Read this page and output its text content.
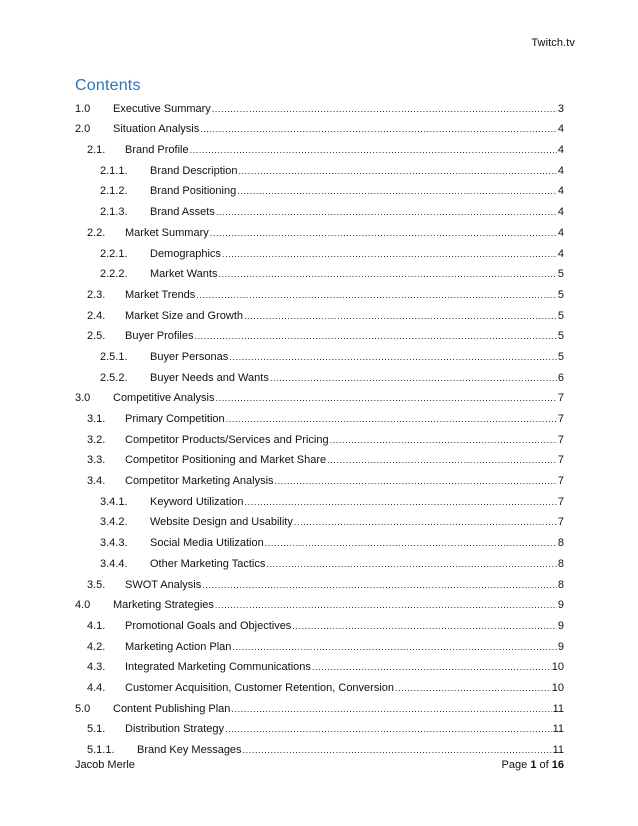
Twitch.tv
Contents
1.0	Executive Summary .....	3
2.0	Situation Analysis .....	4
2.1.	Brand Profile .....	4
2.1.1.	Brand Description .....	4
2.1.2.	Brand Positioning .....	4
2.1.3.	Brand Assets .....	4
2.2.	Market Summary .....	4
2.2.1.	Demographics .....	4
2.2.2.	Market Wants .....	5
2.3.	Market Trends .....	5
2.4.	Market Size and Growth .....	5
2.5.	Buyer Profiles .....	5
2.5.1.	Buyer Personas .....	5
2.5.2.	Buyer Needs and Wants .....	6
3.0	Competitive Analysis .....	7
3.1.	Primary Competition .....	7
3.2.	Competitor Products/Services and Pricing .....	7
3.3.	Competitor Positioning and Market Share .....	7
3.4.	Competitor Marketing Analysis .....	7
3.4.1.	Keyword Utilization .....	7
3.4.2.	Website Design and Usability .....	7
3.4.3.	Social Media Utilization .....	8
3.4.4.	Other Marketing Tactics .....	8
3.5.	SWOT Analysis .....	8
4.0	Marketing Strategies .....	9
4.1.	Promotional Goals and Objectives .....	9
4.2.	Marketing Action Plan .....	9
4.3.	Integrated Marketing Communications .....	10
4.4.	Customer Acquisition, Customer Retention, Conversion .....	10
5.0	Content Publishing Plan .....	11
5.1.	Distribution Strategy .....	11
5.1.1.	Brand Key Messages .....	11
Jacob Merle	Page 1 of 16
